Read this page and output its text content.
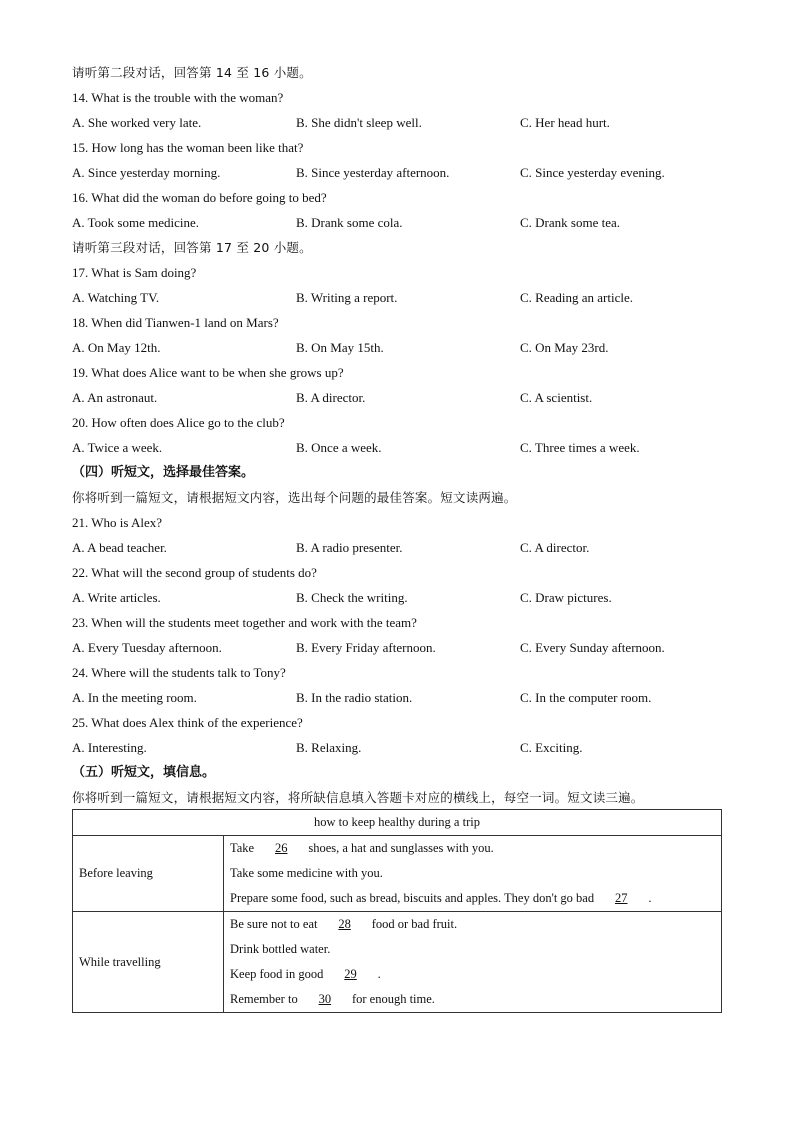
请听第二段对话，回答第 14 至 16 小题。
14. What is the trouble with the woman?
A. She worked very late.	B. She didn't sleep well.	C. Her head hurt.
15. How long has the woman been like that?
A. Since yesterday morning.	B. Since yesterday afternoon.	C. Since yesterday evening.
16. What did the woman do before going to bed?
A. Took some medicine.	B. Drank some cola.	C. Drank some tea.
请听第三段对话，回答第 17 至 20 小题。
17. What is Sam doing?
A. Watching TV.	B. Writing a report.	C. Reading an article.
18. When did Tianwen-1 land on Mars?
A. On May 12th.	B. On May 15th.	C. On May 23rd.
19. What does Alice want to be when she grows up?
A. An astronaut.	B. A director.	C. A scientist.
20. How often does Alice go to the club?
A. Twice a week.	B. Once a week.	C. Three times a week.
（四）听短文，选择最佳答案。
你将听到一篇短文，请根据短文内容，选出每个问题的最佳答案。短文读两遍。
21. Who is Alex?
A. A bead teacher.	B. A radio presenter.	C. A director.
22. What will the second group of students do?
A. Write articles.	B. Check the writing.	C. Draw pictures.
23. When will the students meet together and work with the team?
A. Every Tuesday afternoon.	B. Every Friday afternoon.	C. Every Sunday afternoon.
24. Where will the students talk to Tony?
A. In the meeting room.	B. In the radio station.	C. In the computer room.
25. What does Alex think of the experience?
A. Interesting.	B. Relaxing.	C. Exciting.
（五）听短文，填信息。
你将听到一篇短文，请根据短文内容，将所缺信息填入答题卡对应的横线上，每空一词。短文读三遍。
how to keep healthy during a trip	
Before leaving	Take 26 shoes, a hat and sunglasses with you.
Take some medicine with you.
Prepare some food, such as bread, biscuits and apples. They don't go bad 27 .

While travelling	Be sure not to eat 28 food or bad fruit.
Drink bottled water.
Keep food in good 29 .
Remember to 30 for enough time.
